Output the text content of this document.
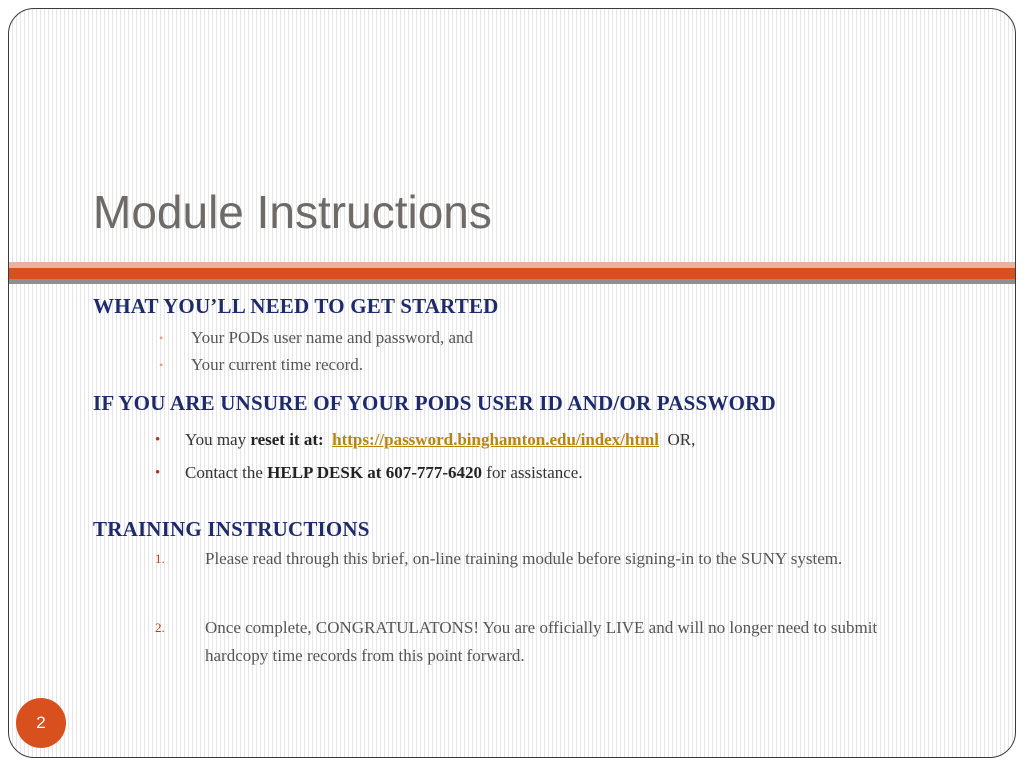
Module Instructions
WHAT YOU’LL NEED TO GET STARTED
• Your PODs user name and password, and
• Your current time record.
IF YOU ARE UNSURE OF YOUR PODS USER ID AND/OR PASSWORD
• You may reset it at: https://password.binghamton.edu/index/html OR,
• Contact the HELP DESK at 607-777-6420 for assistance.
TRAINING INSTRUCTIONS
1. Please read through this brief, on-line training module before signing-in to the SUNY system.
2. Once complete, CONGRATULATONS! You are officially LIVE and will no longer need to submit hardcopy time records from this point forward.
2
